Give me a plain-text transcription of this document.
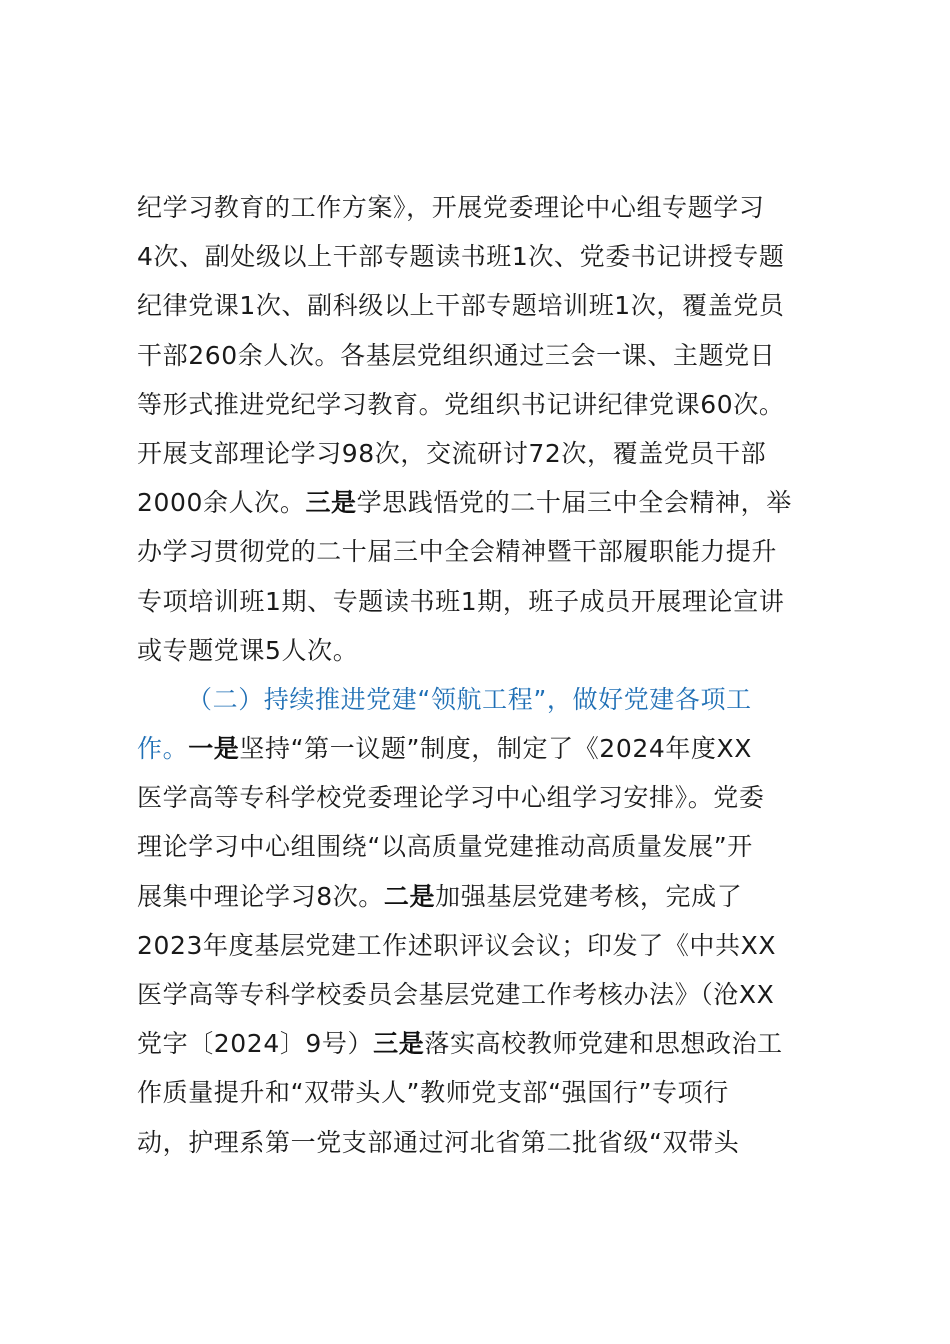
纪学习教育的工作方案》，开展党委理论中心组专题学习
4次、副处级以上干部专题读书班1次、党委书记讲授专题
纪律党课1次、副科级以上干部专题培训班1次，覆盖党员
干部260余人次。各基层党组织通过三会一课、主题党日
等形式推进党纪学习教育。党组织书记讲纪律党课60次。
开展支部理论学习98次，交流研讨72次，覆盖党员干部
2000余人次。三是学思践悟党的二十届三中全会精神，举
办学习贯彻党的二十届三中全会精神暨干部履职能力提升
专项培训班1期、专题读书班1期，班子成员开展理论宣讲
或专题党课5人次。
（二）持续推进党建“领航工程”，做好党建各项工
作。一是坚持“第一议题”制度，制定了《2024年度XX
医学高等专科学校党委理论学习中心组学习安排》。党委
理论学习中心组围绕“以高质量党建推动高质量发展”开
展集中理论学习8次。二是加强基层党建考核，完成了
2023年度基层党建工作述职评议会议；印发了《中共XX
医学高等专科学校委员会基层党建工作考核办法》（沧XX
党字〔2024〕9号）三是落实高校教师党建和思想政治工
作质量提升和“双带头人”教师党支部“强国行”专项行
动，护理系第一党支部通过河北省第二批省级“双带头
